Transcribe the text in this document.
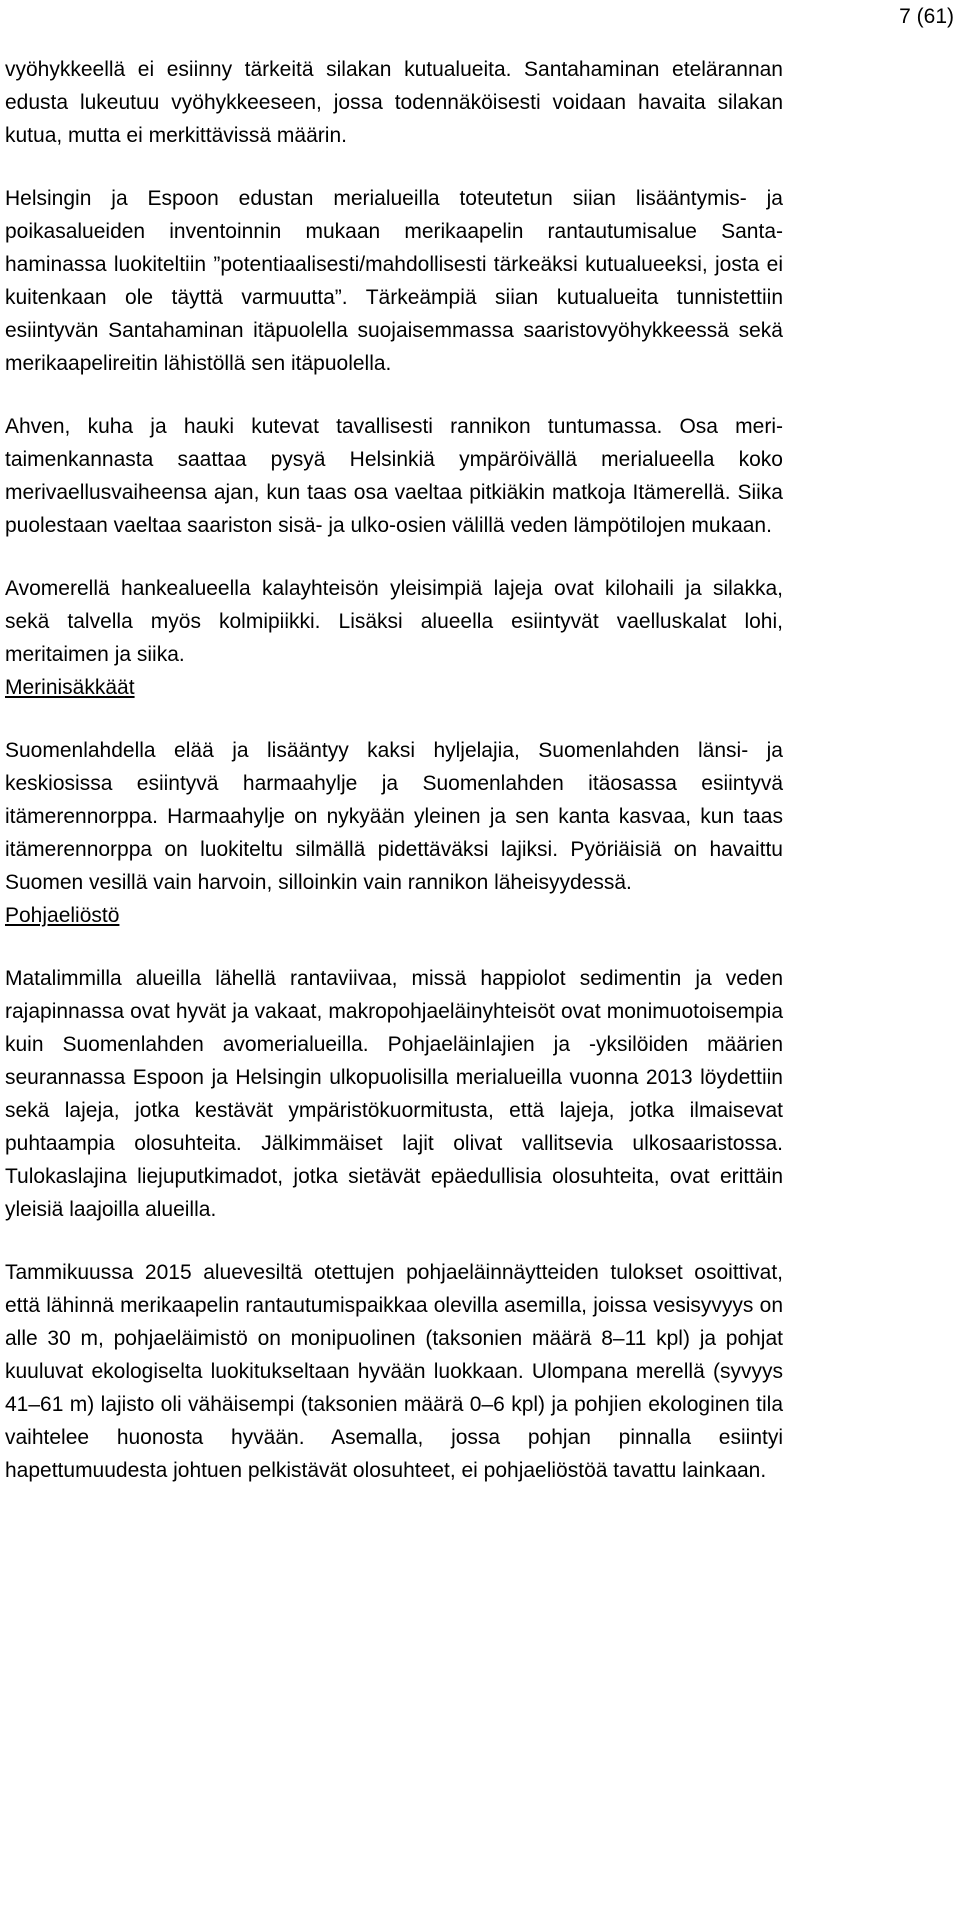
7 (61)

vyöhykkeellä ei esiinny tärkeitä silakan kutualueita. Santahaminan etelärannan edusta lukeutuu vyöhykkeeseen, jossa todennäköisesti voidaan havaita silakan kutua, mutta ei merkittävissä määrin.

Helsingin ja Espoon edustan merialueilla toteutetun siian lisääntymis- ja poikasalueiden inventoinnin mukaan merikaapelin rantautumisalue Santahaminassa luokiteltiin ”potentiaalisesti/mahdollisesti tärkeäksi kutualueeksi, josta ei kuitenkaan ole täyttä varmuutta”. Tärkeämpiä siian kutualueita tunnistettiin esiintyvän Santahaminan itäpuolella suojaisemmassa saaristovyöhykkeessä sekä merikaapelireitin lähistöllä sen itäpuolella.

Ahven, kuha ja hauki kutevat tavallisesti rannikon tuntumassa. Osa meritaimenkannasta saattaa pysyä Helsinkiä ympäröivällä merialueella koko merivaellusvaiheensa ajan, kun taas osa vaeltaa pitkiäkin matkoja Itämerellä. Siika puolestaan vaeltaa saariston sisä- ja ulko-osien välillä veden lämpötilojen mukaan.

Avomerellä hankealueella kalayhteisön yleisimpiä lajeja ovat kilohaili ja silakka, sekä talvella myös kolmipiikki. Lisäksi alueella esiintyvät vaelluskalat lohi, meritaimen ja siika.

Merinisäkkäät

Suomenlahdella elää ja lisääntyy kaksi hyljelajia, Suomenlahden länsi- ja keskiosissa esiintyvä harmaahylje ja Suomenlahden itäosassa esiintyvä itämerennorppa. Harmaahylje on nykyään yleinen ja sen kanta kasvaa, kun taas itämerennorppa on luokiteltu silmällä pidettäväksi lajiksi. Pyöriäisiä on havaittu Suomen vesillä vain harvoin, silloinkin vain rannikon läheisyydessä.

Pohjaeliöstö

Matalimmilla alueilla lähellä rantaviivaa, missä happiolot sedimentin ja veden rajapinnassa ovat hyvät ja vakaat, makropohjaeläinyhteisöt ovat monimuotoisempia kuin Suomenlahden avomerialueilla. Pohjaeläinlajien ja -yksilöiden määrien seurannassa Espoon ja Helsingin ulkopuolisilla merialueilla vuonna 2013 löydettiin sekä lajeja, jotka kestävät ympäristökuormitusta, että lajeja, jotka ilmaisevat puhtaampia olosuhteita. Jälkimmäiset lajit olivat vallitsevia ulkosaaristossa. Tulokaslajina liejuputkimadot, jotka sietävät epäedullisia olosuhteita, ovat erittäin yleisiä laajoilla alueilla.

Tammikuussa 2015 aluevesiltä otettujen pohjaeläinnäytteiden tulokset osoittivat, että lähinnä merikaapelin rantautumispaikkaa olevilla asemilla, joissa vesisyvyys on alle 30 m, pohjaeläimistö on monipuolinen (taksonien määrä 8–11 kpl) ja pohjat kuuluvat ekologiselta luokitukseltaan hyvään luokkaan. Ulompana merellä (syvyys 41–61 m) lajisto oli vähäisempi (taksonien määrä 0–6 kpl) ja pohjien ekologinen tila vaihtelee huonosta hyvään. Asemalla, jossa pohjan pinnalla esiintyi hapettumuudesta johtuen pelkistävät olosuhteet, ei pohjaeliöstöä tavattu lainkaan.
